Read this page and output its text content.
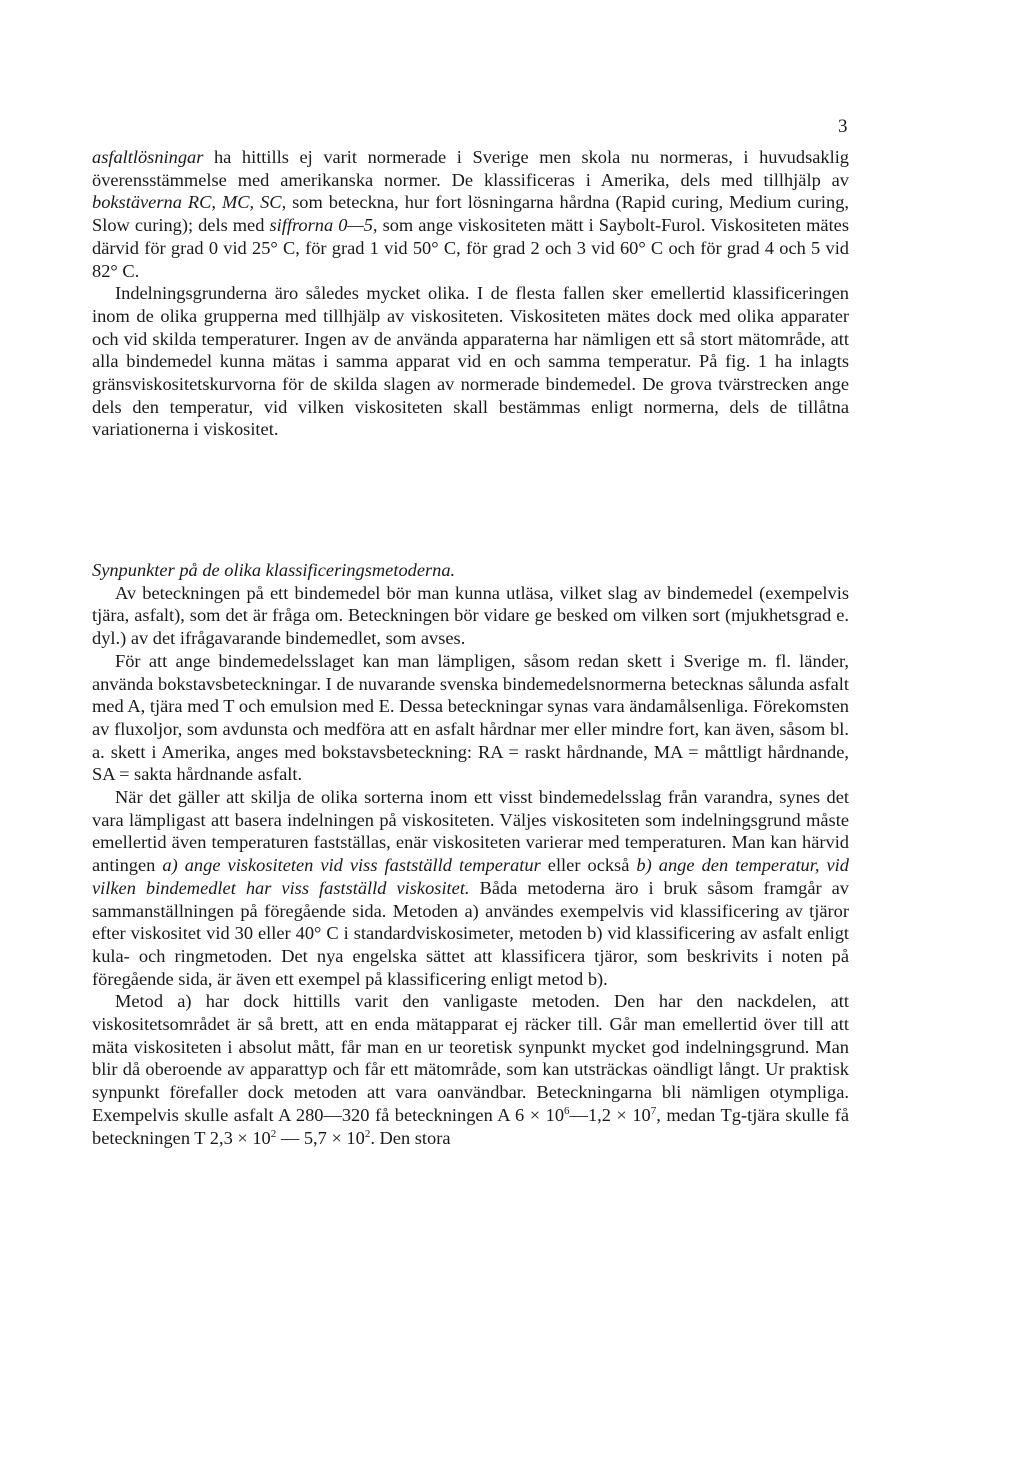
3

asfaltlösningar ha hittills ej varit normerade i Sverige men skola nu normeras, i huvudsaklig överensstämmelse med amerikanska normer. De klassificeras i Amerika, dels med tillhjälp av bokstäverna RC, MC, SC, som beteckna, hur fort lösningarna hårdna (Rapid curing, Medium curing, Slow curing); dels med siffrorna 0—5, som ange viskositeten mätt i Saybolt-Furol. Viskositeten mätes därvid för grad 0 vid 25° C, för grad 1 vid 50° C, för grad 2 och 3 vid 60° C och för grad 4 och 5 vid 82° C.

Indelningsgrunderna äro således mycket olika. I de flesta fallen sker emellertid klassificeringen inom de olika grupperna med tillhjälp av viskositeten. Viskositeten mätes dock med olika apparater och vid skilda temperaturer. Ingen av de använda apparaterna har nämligen ett så stort mätområde, att alla bindemedel kunna mätas i samma apparat vid en och samma temperatur. På fig. 1 ha inlagts gränsviskositetskurvorna för de skilda slagen av normerade bindemedel. De grova tvärstrecken ange dels den temperatur, vid vilken viskositeten skall bestämmas enligt normerna, dels de tillåtna variationerna i viskositet.

Synpunkter på de olika klassificeringsmetoderna.

Av beteckningen på ett bindemedel bör man kunna utläsa, vilket slag av bindemedel (exempelvis tjära, asfalt), som det är fråga om. Beteckningen bör vidare ge besked om vilken sort (mjukhetsgrad e. dyl.) av det ifrågavarande bindemedlet, som avses.

För att ange bindemedelsslaget kan man lämpligen, såsom redan skett i Sverige m. fl. länder, använda bokstavsbeteckningar. I de nuvarande svenska bindemedelsnormerna betecknas sålunda asfalt med A, tjära med T och emulsion med E. Dessa beteckningar synas vara ändamålsenliga. Förekomsten av fluxoljor, som avdunsta och medföra att en asfalt hårdnar mer eller mindre fort, kan även, såsom bl. a. skett i Amerika, anges med bokstavsbeteckning: RA = raskt hårdnande, MA = måttligt hårdnande, SA = sakta hårdnande asfalt.

När det gäller att skilja de olika sorterna inom ett visst bindemedelsslag från varandra, synes det vara lämpligast att basera indelningen på viskositeten. Väljes viskositeten som indelningsgrund måste emellertid även temperaturen fastställas, enär viskositeten varierar med temperaturen. Man kan härvid antingen a) ange viskositeten vid viss fastställd temperatur eller också b) ange den temperatur, vid vilken bindemedlet har viss fastställd viskositet. Båda metoderna äro i bruk såsom framgår av sammanställningen på föregående sida. Metoden a) användes exempelvis vid klassificering av tjäror efter viskositet vid 30 eller 40° C i standardviskosimeter, metoden b) vid klassificering av asfalt enligt kula- och ringmetoden. Det nya engelska sättet att klassificera tjäror, som beskrivits i noten på föregående sida, är även ett exempel på klassificering enligt metod b).

Metod a) har dock hittills varit den vanligaste metoden. Den har den nackdelen, att viskositetsområdet är så brett, att en enda mätapparat ej räcker till. Går man emellertid över till att mäta viskositeten i absolut mått, får man en ur teoretisk synpunkt mycket god indelningsgrund. Man blir då oberoende av apparattyp och får ett mätområde, som kan utsträckas oändligt långt. Ur praktisk synpunkt förefaller dock metoden att vara oanvändbar. Beteckningarna bli nämligen otympliga. Exempelvis skulle asfalt A 280—320 få beteckningen A $6 \times 10^6—1,2 \times 10^7$, medan Tg-tjära skulle få beteckningen T $2,3 \times 10^2$ — $5,7 \times 10^2$. Den stora
